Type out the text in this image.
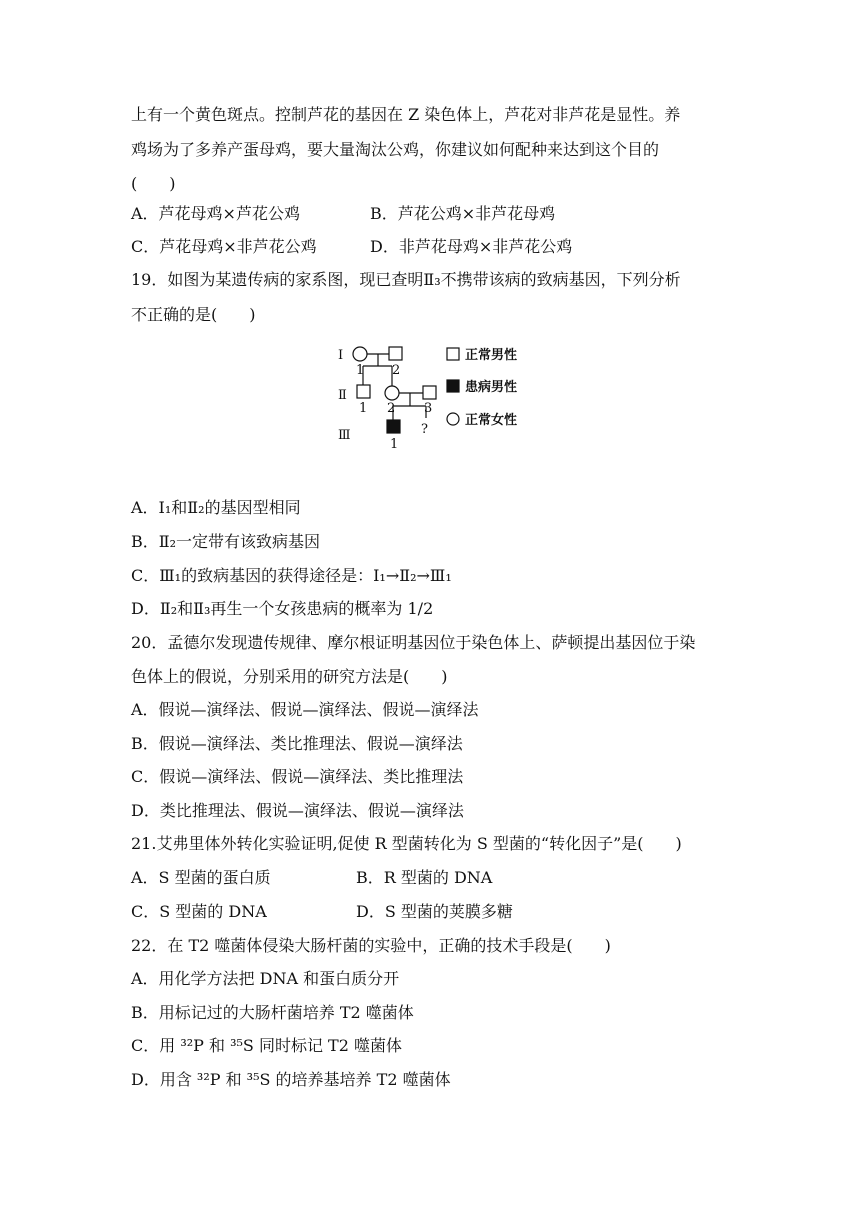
上有一个黄色斑点。控制芦花的基因在 Z 染色体上，芦花对非芦花是显性。养
鸡场为了多养产蛋母鸡，要大量淘汰公鸡，你建议如何配种来达到这个目的
(　　)
A．芦花母鸡×芦花公鸡	B．芦花公鸡×非芦花母鸡
C．芦花母鸡×非芦花公鸡	D．非芦花母鸡×非芦花公鸡
19．如图为某遗传病的家系图，现已查明Ⅱ₃不携带该病的致病基因，下列分析
不正确的是(　　)
Ⅰ
Ⅱ
Ⅲ
1 2
1 2 3
1
?
正常男性
患病男性
正常女性
A．Ⅰ₁和Ⅱ₂的基因型相同
B．Ⅱ₂一定带有该致病基因
C．Ⅲ₁的致病基因的获得途径是：Ⅰ₁→Ⅱ₂→Ⅲ₁
D．Ⅱ₂和Ⅱ₃再生一个女孩患病的概率为 1/2
20．孟德尔发现遗传规律、摩尔根证明基因位于染色体上、萨顿提出基因位于染
色体上的假说，分别采用的研究方法是(　　)
A．假说—演绎法、假说—演绎法、假说—演绎法
B．假说—演绎法、类比推理法、假说—演绎法
C．假说—演绎法、假说—演绎法、类比推理法
D．类比推理法、假说—演绎法、假说—演绎法
21.艾弗里体外转化实验证明,促使 R 型菌转化为 S 型菌的“转化因子”是(　　)
A．S 型菌的蛋白质	B．R 型菌的 DNA
C．S 型菌的 DNA	D．S 型菌的荚膜多糖
22．在 T2 噬菌体侵染大肠杆菌的实验中，正确的技术手段是(　　)
A．用化学方法把 DNA 和蛋白质分开
B．用标记过的大肠杆菌培养 T2 噬菌体
C．用 ³²P 和 ³⁵S 同时标记 T2 噬菌体
D．用含 ³²P 和 ³⁵S 的培养基培养 T2 噬菌体
